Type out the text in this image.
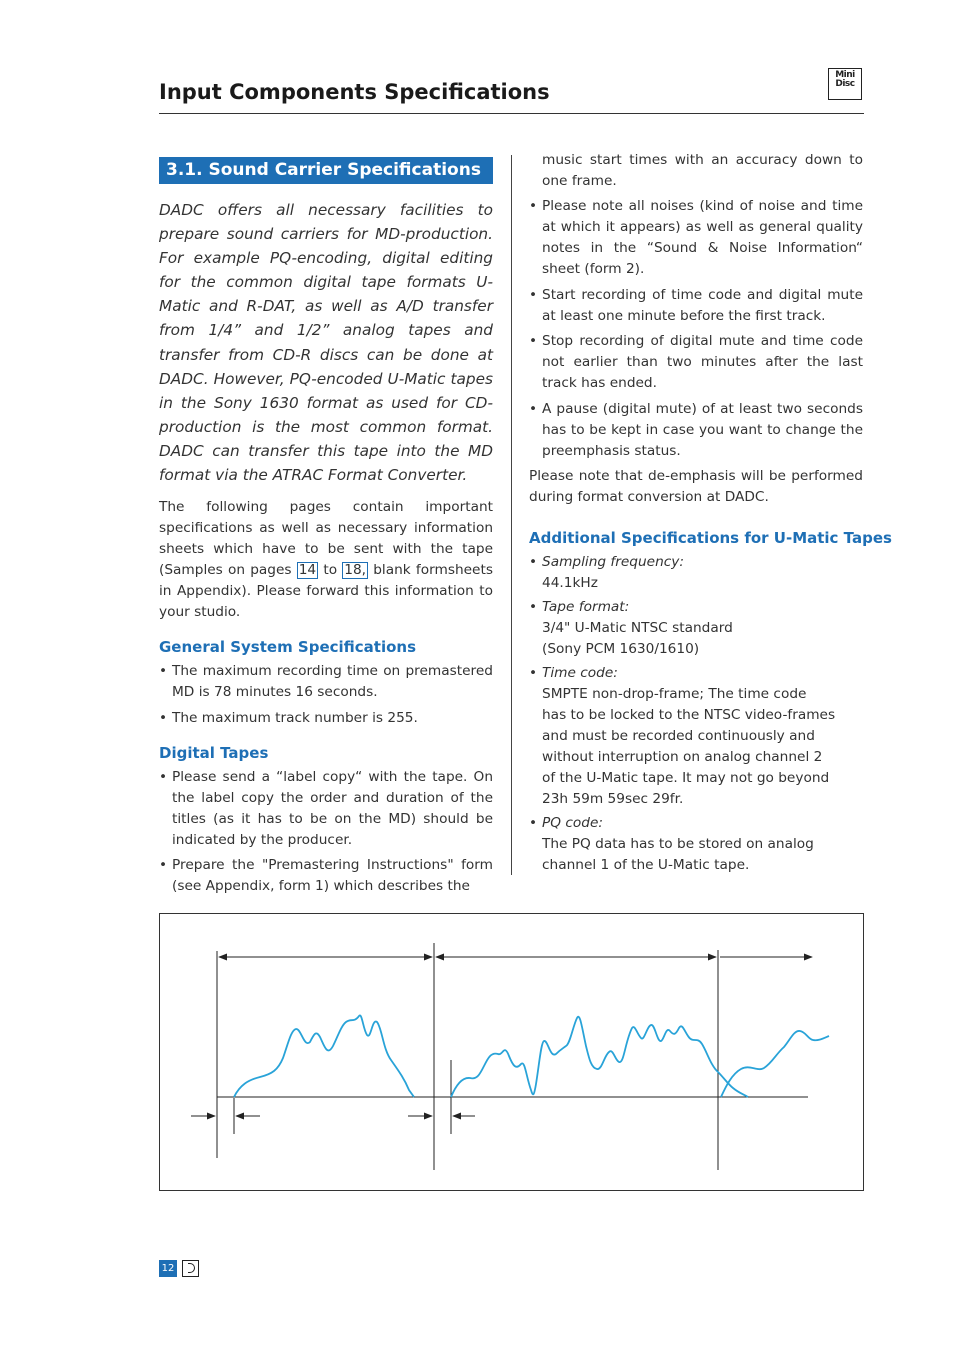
Input Components Specifications
Mini
Disc
3.1. Sound Carrier Specifications

DADC offers all necessary facilities to prepare sound carriers for MD-production. For example PQ-encoding, digital editing for the common digital tape formats U-Matic and R-DAT, as well as A/D transfer from 1/4” and 1/2” analog tapes and transfer from CD-R discs can be done at DADC. However, PQ-encoded U-Matic tapes in the Sony 1630 format as used for CD-production is the most common format. DADC can transfer this tape into the MD format via the ATRAC Format Converter.

The following pages contain important specifications as well as necessary information sheets which have to be sent with the tape (Samples on pages 14 to 18, blank formsheets in Appendix). Please forward this information to your studio.

General System Specifications
• The maximum recording time on premastered MD is 78 minutes 16 seconds.
• The maximum track number is 255.
Digital Tapes
• Please send a “label copy“ with the tape. On the label copy the order and duration of the titles (as it has to be on the MD) should be indicated by the producer.
• Prepare the "Premastering Instructions" form (see Appendix, form 1) which describes the

music start times with an accuracy down to one frame.

• Please note all noises (kind of noise and time at which it appears) as well as general quality notes in the “Sound & Noise Information“ sheet (form 2).
• Start recording of time code and digital mute at least one minute before the first track.
• Stop recording of digital mute and time code not earlier than two minutes after the last track has ended.
• A pause (digital mute) of at least two seconds has to be kept in case you want to change the preemphasis status.

Please note that de-emphasis will be performed during format conversion at DADC.

Additional Specifications for U-Matic Tapes
• Sampling frequency:
44.1kHz
• Tape format:
3/4" U-Matic NTSC standard
(Sony PCM 1630/1610)
• Time code:
SMPTE non-drop-frame; The time code
has to be locked to the NTSC video-frames
and must be recorded continuously and
without interruption on analog channel 2
of the U-Matic tape. It may not go beyond
23h 59m 59sec 29fr.
• PQ code:
The PQ data has to be stored on analog
channel 1 of the U-Matic tape.
12
